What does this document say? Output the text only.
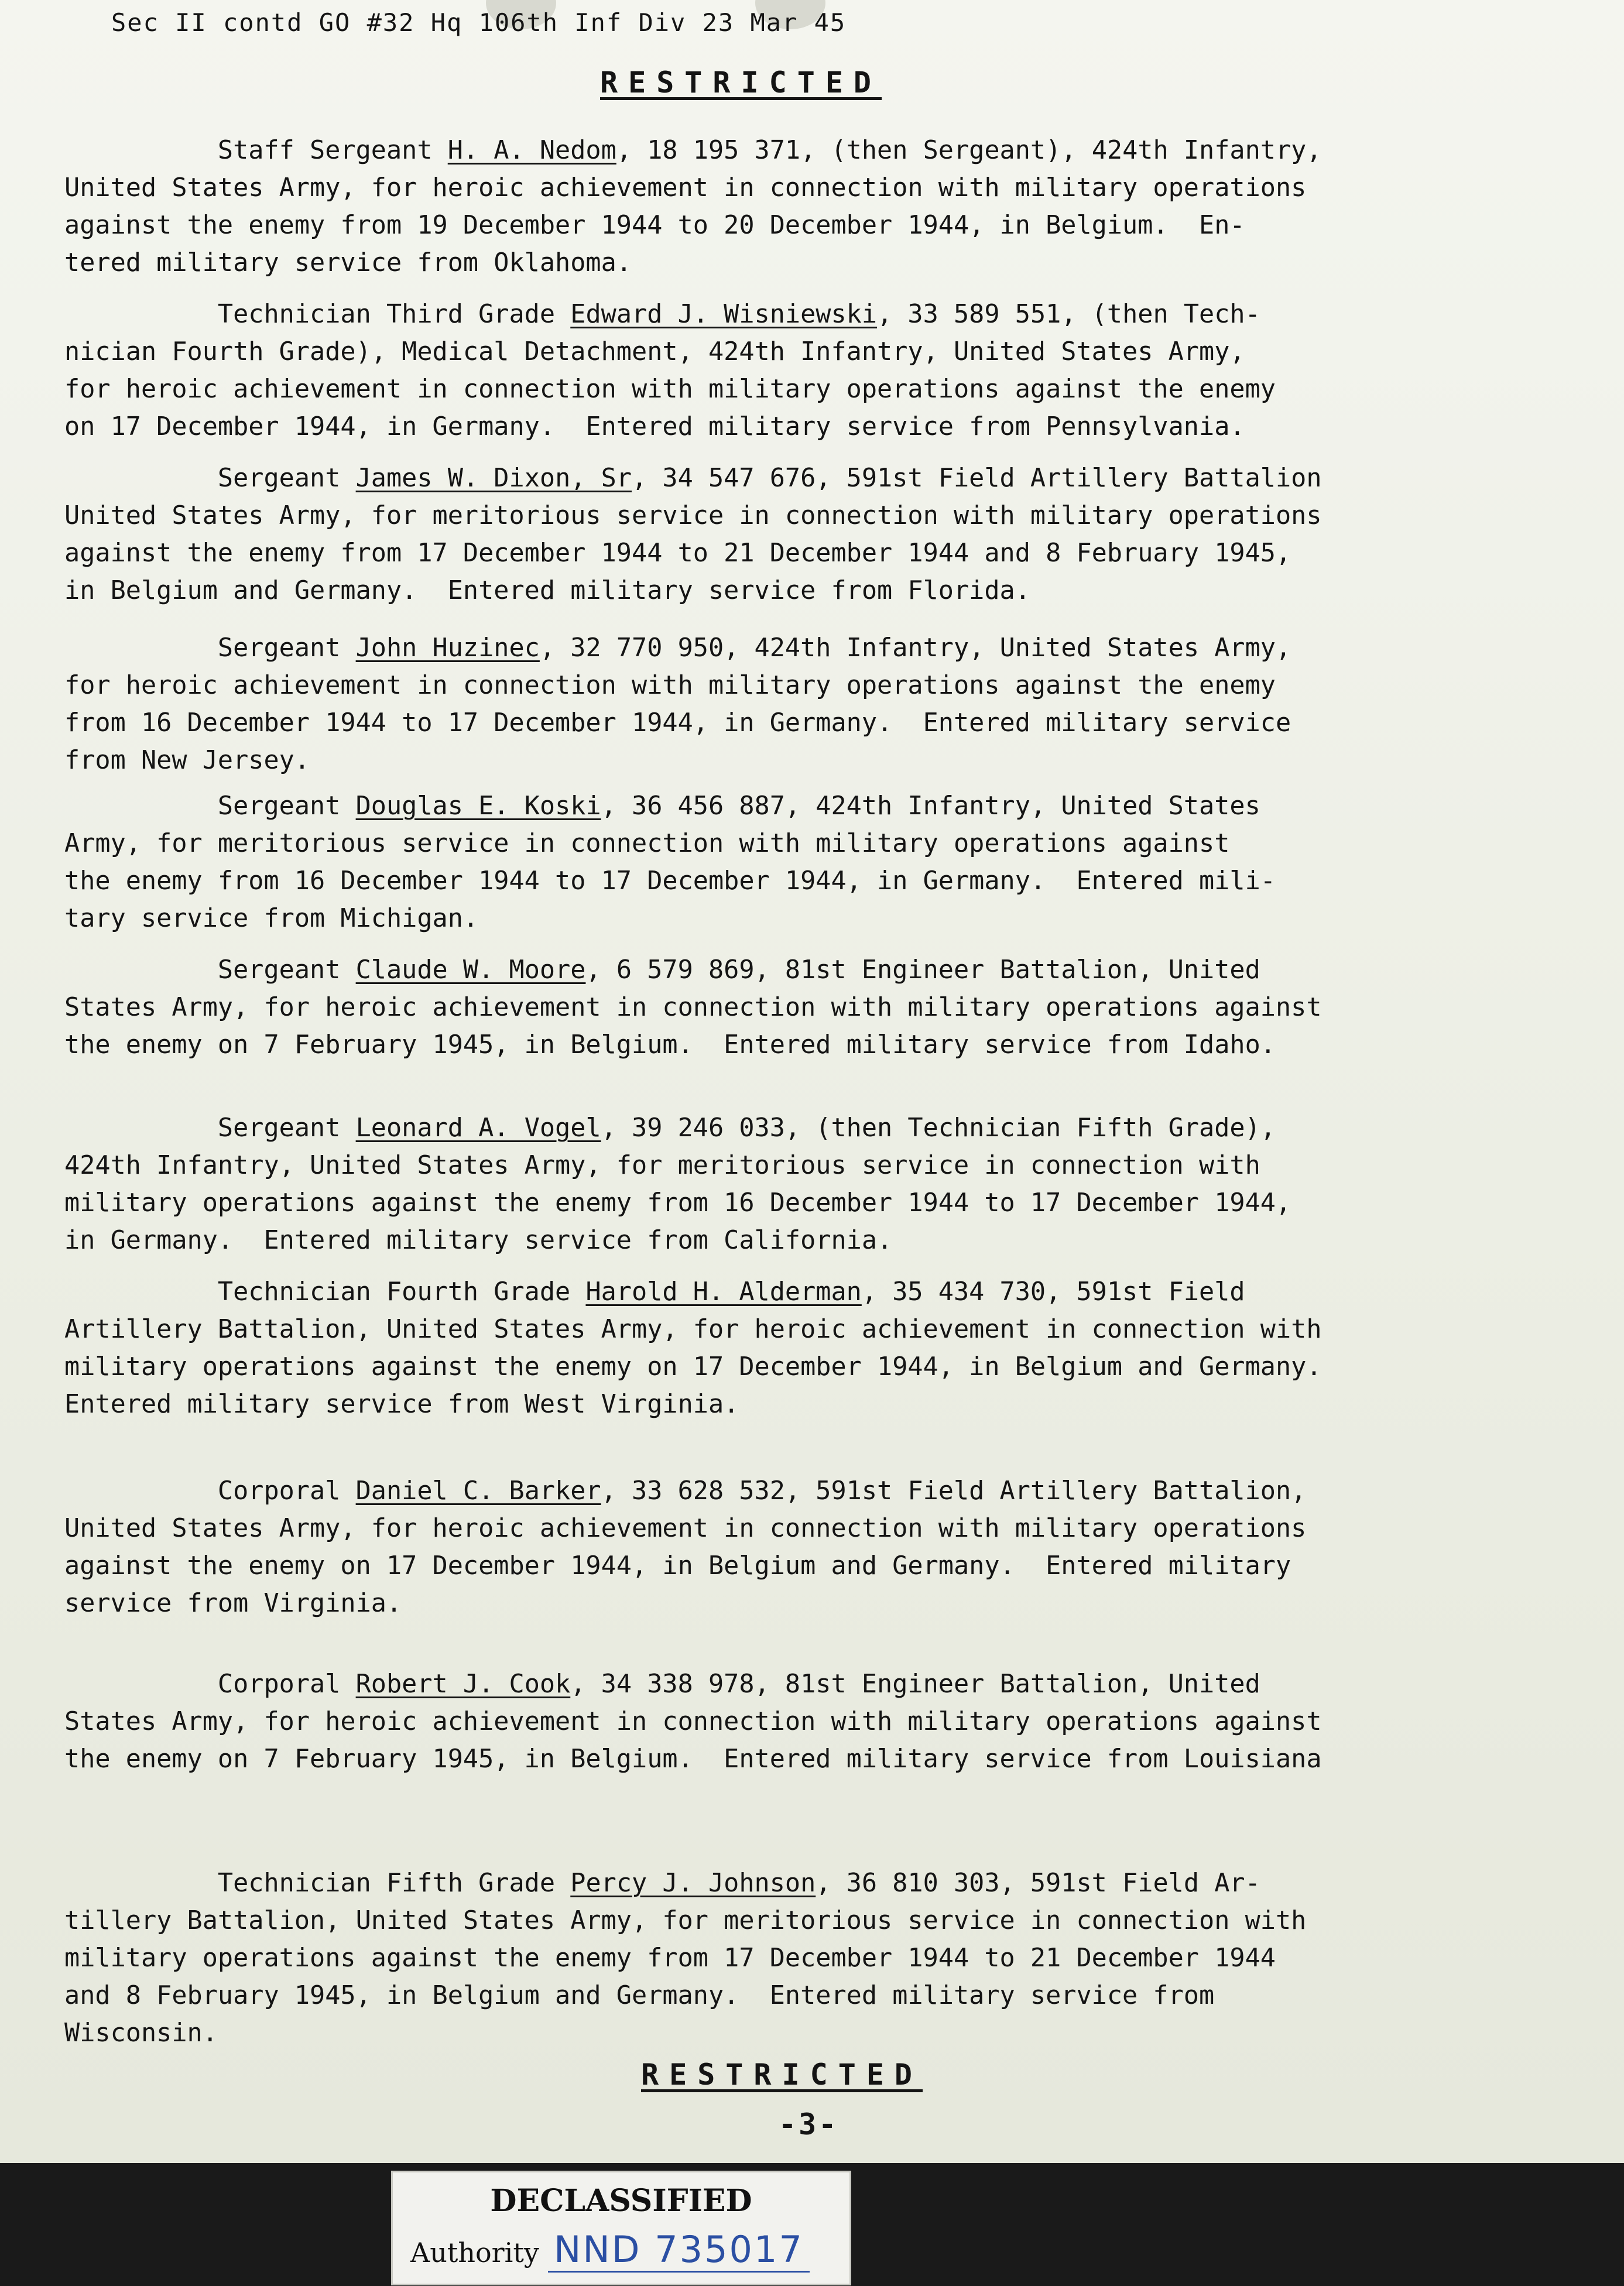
Sec II contd GO #32 Hq 106th Inf Div 23 Mar 45
RESTRICTED
Staff Sergeant H. A. Nedom, 18 195 371, (then Sergeant), 424th Infantry,
United States Army, for heroic achievement in connection with military operations
against the enemy from 19 December 1944 to 20 December 1944, in Belgium.  En-
tered military service from Oklahoma.
Technician Third Grade Edward J. Wisniewski, 33 589 551, (then Tech-
nician Fourth Grade), Medical Detachment, 424th Infantry, United States Army,
for heroic achievement in connection with military operations against the enemy
on 17 December 1944, in Germany.  Entered military service from Pennsylvania.
Sergeant James W. Dixon, Sr, 34 547 676, 591st Field Artillery Battalion
United States Army, for meritorious service in connection with military operations
against the enemy from 17 December 1944 to 21 December 1944 and 8 February 1945,
in Belgium and Germany.  Entered military service from Florida.
Sergeant John Huzinec, 32 770 950, 424th Infantry, United States Army,
for heroic achievement in connection with military operations against the enemy
from 16 December 1944 to 17 December 1944, in Germany.  Entered military service
from New Jersey.
Sergeant Douglas E. Koski, 36 456 887, 424th Infantry, United States
Army, for meritorious service in connection with military operations against
the enemy from 16 December 1944 to 17 December 1944, in Germany.  Entered mili-
tary service from Michigan.
Sergeant Claude W. Moore, 6 579 869, 81st Engineer Battalion, United
States Army, for heroic achievement in connection with military operations against
the enemy on 7 February 1945, in Belgium.  Entered military service from Idaho.
Sergeant Leonard A. Vogel, 39 246 033, (then Technician Fifth Grade),
424th Infantry, United States Army, for meritorious service in connection with
military operations against the enemy from 16 December 1944 to 17 December 1944,
in Germany.  Entered military service from California.
Technician Fourth Grade Harold H. Alderman, 35 434 730, 591st Field
Artillery Battalion, United States Army, for heroic achievement in connection with
military operations against the enemy on 17 December 1944, in Belgium and Germany.
Entered military service from West Virginia.
Corporal Daniel C. Barker, 33 628 532, 591st Field Artillery Battalion,
United States Army, for heroic achievement in connection with military operations
against the enemy on 17 December 1944, in Belgium and Germany.  Entered military
service from Virginia.
Corporal Robert J. Cook, 34 338 978, 81st Engineer Battalion, United
States Army, for heroic achievement in connection with military operations against
the enemy on 7 February 1945, in Belgium.  Entered military service from Louisiana
Technician Fifth Grade Percy J. Johnson, 36 810 303, 591st Field Ar-
tillery Battalion, United States Army, for meritorious service in connection with
military operations against the enemy from 17 December 1944 to 21 December 1944
and 8 February 1945, in Belgium and Germany.  Entered military service from
Wisconsin.
RESTRICTED
-3-
DECLASSIFIED
Authority NND 735017
